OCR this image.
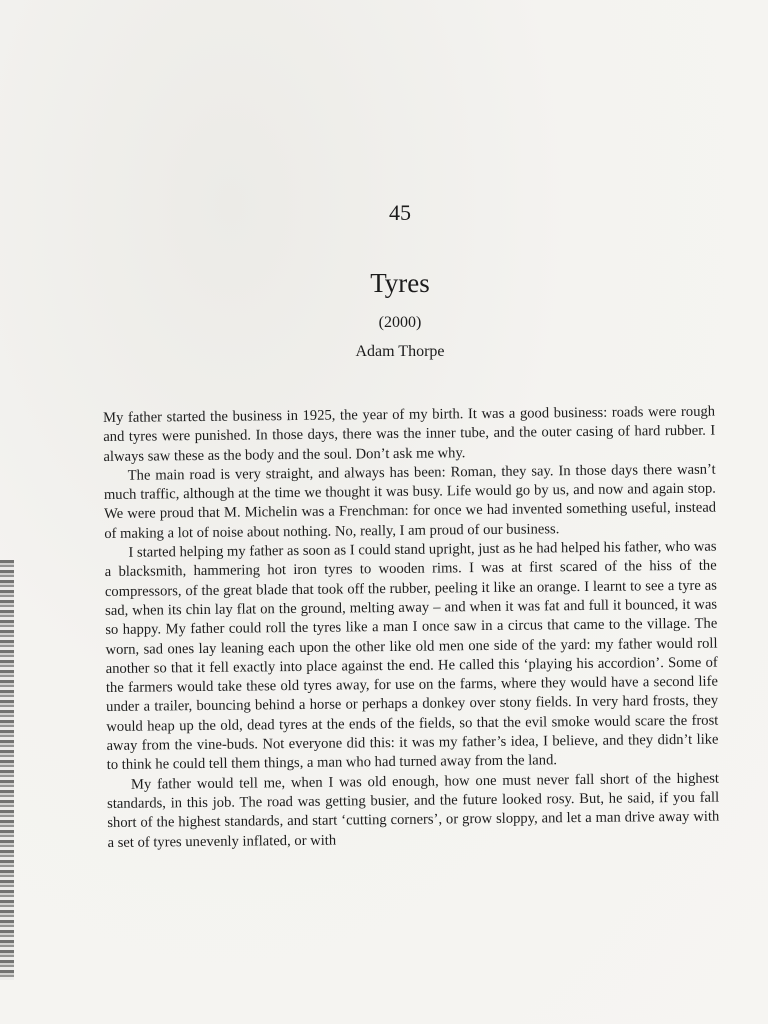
45
Tyres
(2000)
Adam Thorpe

My father started the business in 1925, the year of my birth. It was a good business: roads were rough and tyres were punished. In those days, there was the inner tube, and the outer casing of hard rubber. I always saw these as the body and the soul. Don’t ask me why.

The main road is very straight, and always has been: Roman, they say. In those days there wasn’t much traffic, although at the time we thought it was busy. Life would go by us, and now and again stop. We were proud that M. Michelin was a Frenchman: for once we had invented something useful, instead of making a lot of noise about nothing. No, really, I am proud of our business.

I started helping my father as soon as I could stand upright, just as he had helped his father, who was a blacksmith, hammering hot iron tyres to wooden rims. I was at first scared of the hiss of the compressors, of the great blade that took off the rubber, peeling it like an orange. I learnt to see a tyre as sad, when its chin lay flat on the ground, melting away – and when it was fat and full it bounced, it was so happy. My father could roll the tyres like a man I once saw in a circus that came to the village. The worn, sad ones lay leaning each upon the other like old men one side of the yard: my father would roll another so that it fell exactly into place against the end. He called this ‘playing his accordion’. Some of the farmers would take these old tyres away, for use on the farms, where they would have a second life under a trailer, bouncing behind a horse or perhaps a donkey over stony fields. In very hard frosts, they would heap up the old, dead tyres at the ends of the fields, so that the evil smoke would scare the frost away from the vine-buds. Not everyone did this: it was my father’s idea, I believe, and they didn’t like to think he could tell them things, a man who had turned away from the land.

My father would tell me, when I was old enough, how one must never fall short of the highest standards, in this job. The road was getting busier, and the future looked rosy. But, he said, if you fall short of the highest standards, and start ‘cutting corners’, or grow sloppy, and let a man drive away with a set of tyres unevenly inflated, or with
